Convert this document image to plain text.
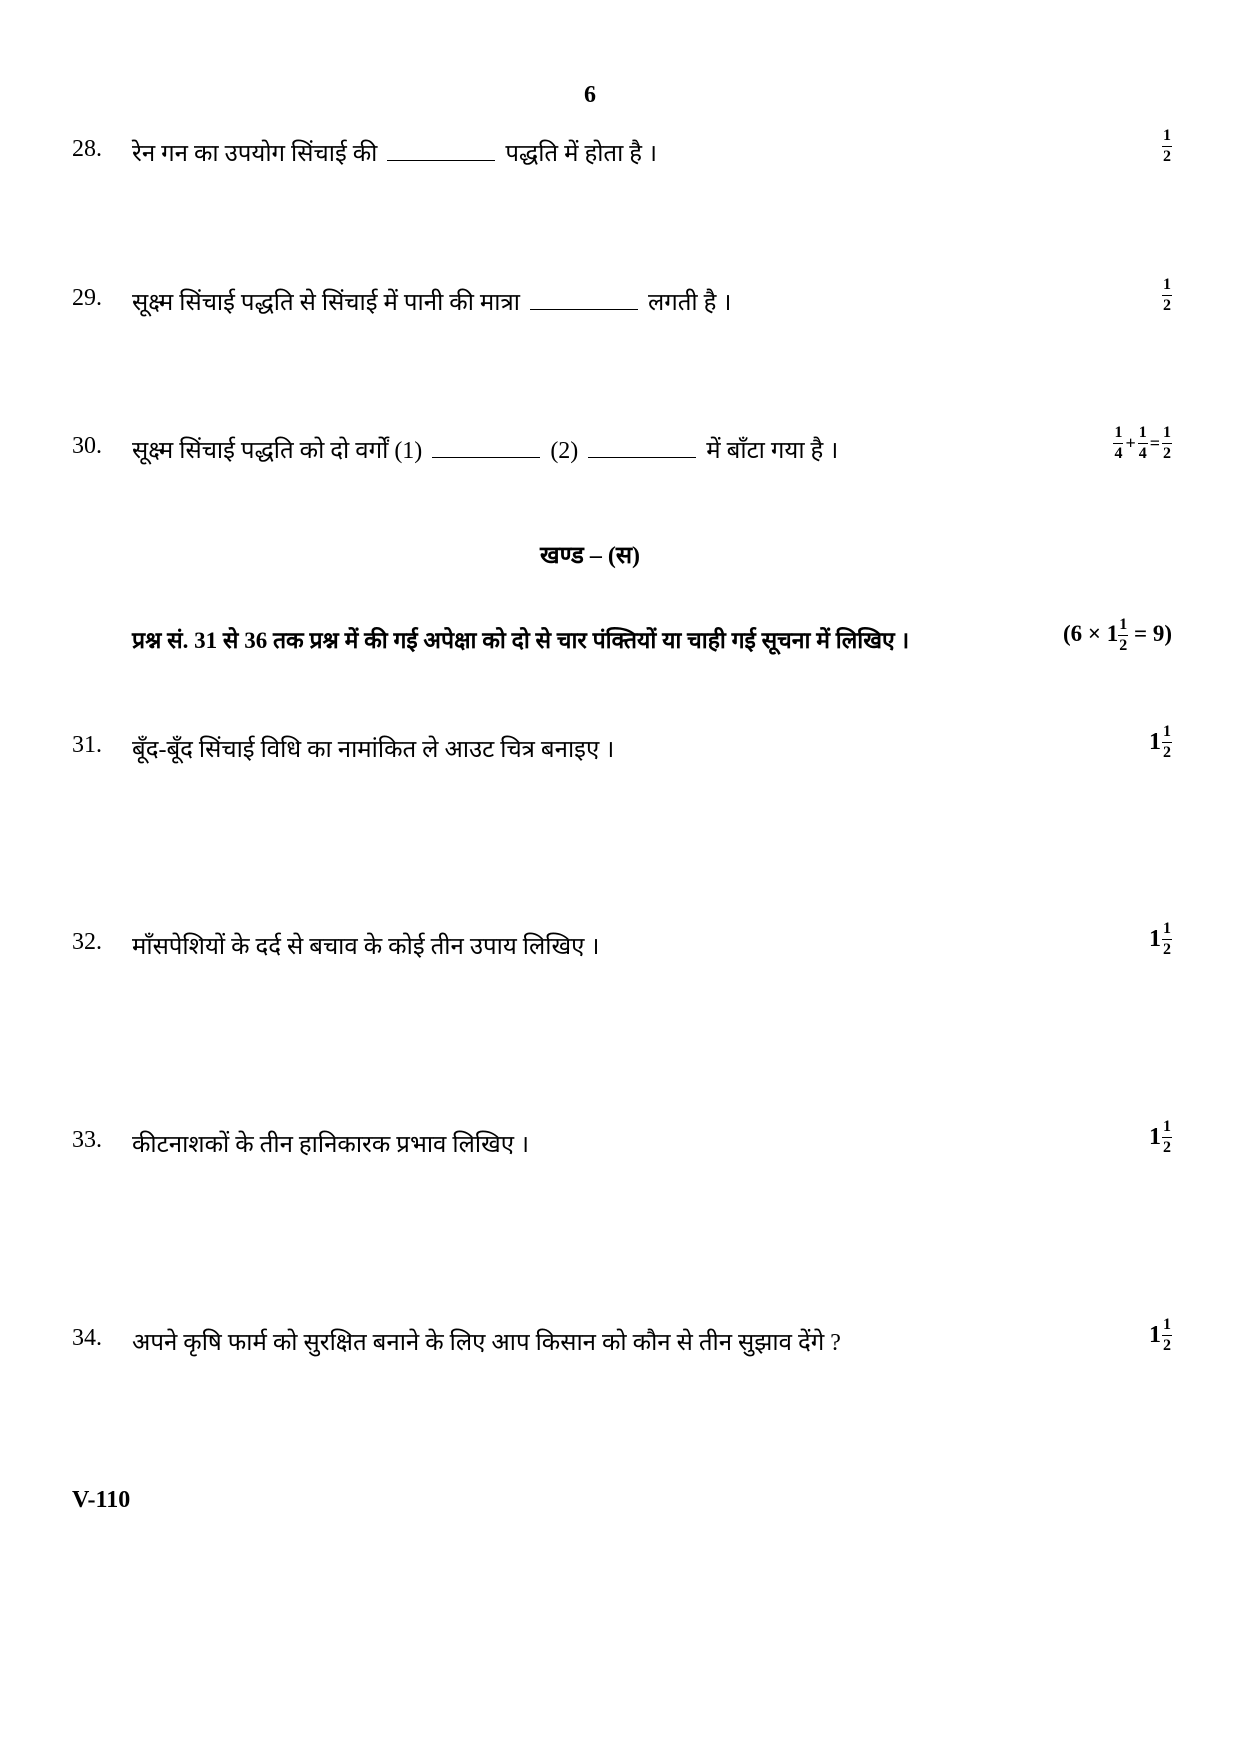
6
28. रेन गन का उपयोग सिंचाई की	पद्धति में होता है ।	$\frac{1}{2}$
29. सूक्ष्म सिंचाई पद्धति से सिंचाई में पानी की मात्रा	लगती है ।	$\frac{1}{2}$
30. सूक्ष्म सिंचाई पद्धति को दो वर्गों (1)	(2)	में बाँटा गया है ।	$\frac{1}{4} + \frac{1}{4} = \frac{1}{2}$
खण्ड – (स)
प्रश्न सं. 31 से 36 तक प्रश्न में की गई अपेक्षा को दो से चार पंक्तियों या चाही गई सूचना में लिखिए ।	$(6 \times 1 \frac{1}{2} = 9)$
31. बूँद-बूँद सिंचाई विधि का नामांकित ले आउट चित्र बनाइए ।	$1 \frac{1}{2}$
32. माँसपेशियों के दर्द से बचाव के कोई तीन उपाय लिखिए ।	$1 \frac{1}{2}$
33. कीटनाशकों के तीन हानिकारक प्रभाव लिखिए ।	$1 \frac{1}{2}$
34. अपने कृषि फार्म को सुरक्षित बनाने के लिए आप किसान को कौन से तीन सुझाव देंगे ?	$1 \frac{1}{2}$
V-110
